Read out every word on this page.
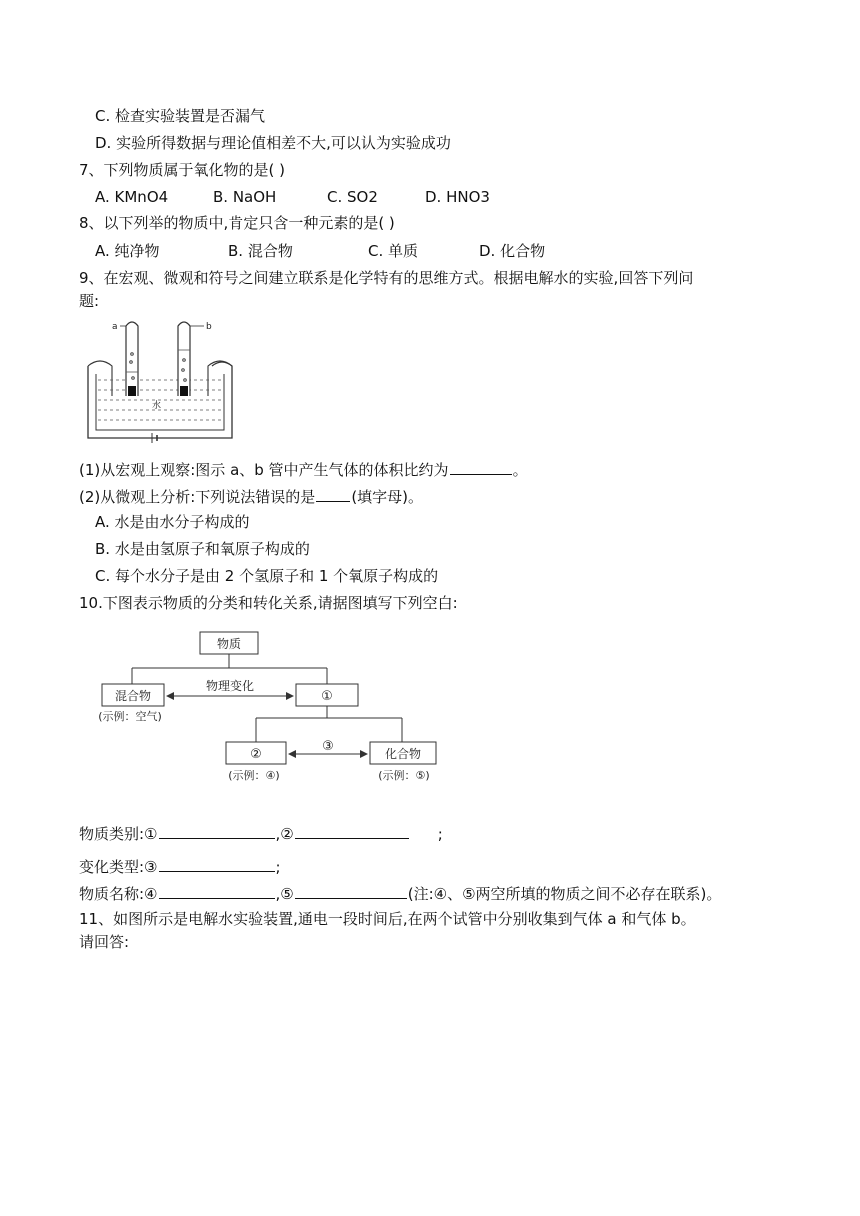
C. 检查实验装置是否漏气
D. 实验所得数据与理论值相差不大,可以认为实验成功
7、下列物质属于氧化物的是( )
A. KMnO4	B. NaOH	C. SO2	D. HNO3
8、以下列举的物质中,肯定只含一种元素的是( )
A. 纯净物	B. 混合物	C. 单质	D. 化合物
9、在宏观、微观和符号之间建立联系是化学特有的思维方式。根据电解水的实验,回答下列问
题:
a	b
水
(1)从宏观上观察:图示 a、b 管中产生气体的体积比约为	。
(2)从微观上分析:下列说法错误的是 (填字母)。
A. 水是由水分子构成的
B. 水是由氢原子和氧原子构成的
C. 每个水分子是由 2 个氢原子和 1 个氧原子构成的
10.下图表示物质的分类和转化关系,请据图填写下列空白:
物质
混合物
物理变化
①
(示例：空气)
②
③	化合物
(示例：④)	(示例：⑤)
物质类别:①	,②	;
变化类型:③	;
物质名称:④	,⑤	(注:④、⑤两空所填的物质之间不必存在联系)。
11、如图所示是电解水实验装置,通电一段时间后,在两个试管中分别收集到气体 a 和气体 b。
请回答:
